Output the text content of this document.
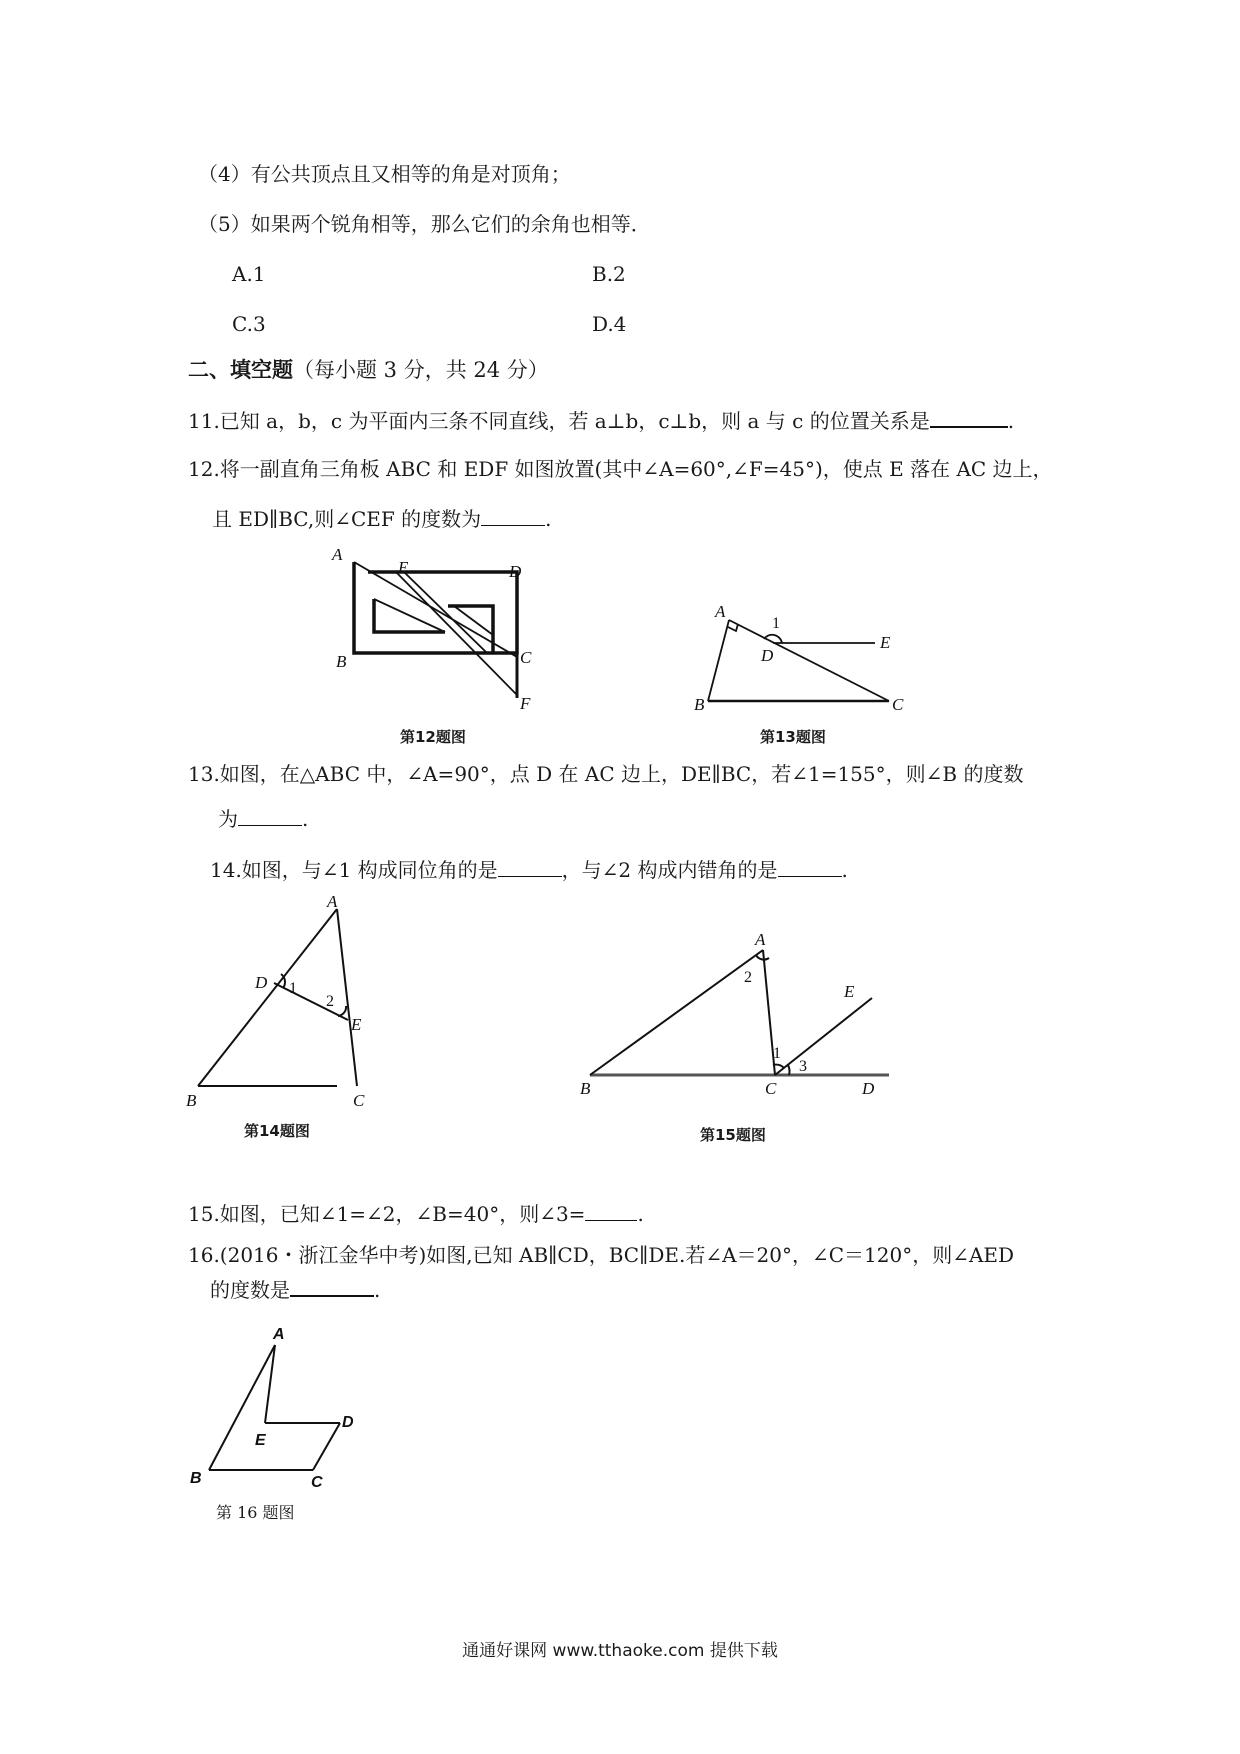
（4）有公共顶点且又相等的角是对顶角；
（5）如果两个锐角相等，那么它们的余角也相等．
A.1	B.2
C.3	D.4
二、填空题（每小题 3 分，共 24 分）
11.已知 a，b，c 为平面内三条不同直线，若 a⊥b，c⊥b，则 a 与 c 的位置关系是	.
12.将一副直角三角板 ABC 和 EDF 如图放置(其中∠A=60°,∠F=45°)，使点 E 落在 AC 边上，
且 ED∥BC,则∠CEF 的度数为	.
A
E	D
B	C
F
第12题图
A
1
D
E
B	C
第13题图
13.如图，在△ABC 中，∠A=90°，点 D 在 AC 边上，DE∥BC，若∠1=155°，则∠B 的度数
为	.
14.如图，与∠1 构成同位角的是	，与∠2 构成内错角的是	.
A
D 1
2
E
B	C
第14题图
A
2
1
3
E
B	C	D
第15题图
15.如图，已知∠1=∠2，∠B=40°，则∠3=	.
16.(2016・浙江金华中考)如图,已知 AB∥CD，BC∥DE.若∠A＝20°，∠C＝120°，则∠AED
的度数是	.
A
E
D
B	C
第 16 题图
通通好课网 www.tthaoke.com 提供下载
